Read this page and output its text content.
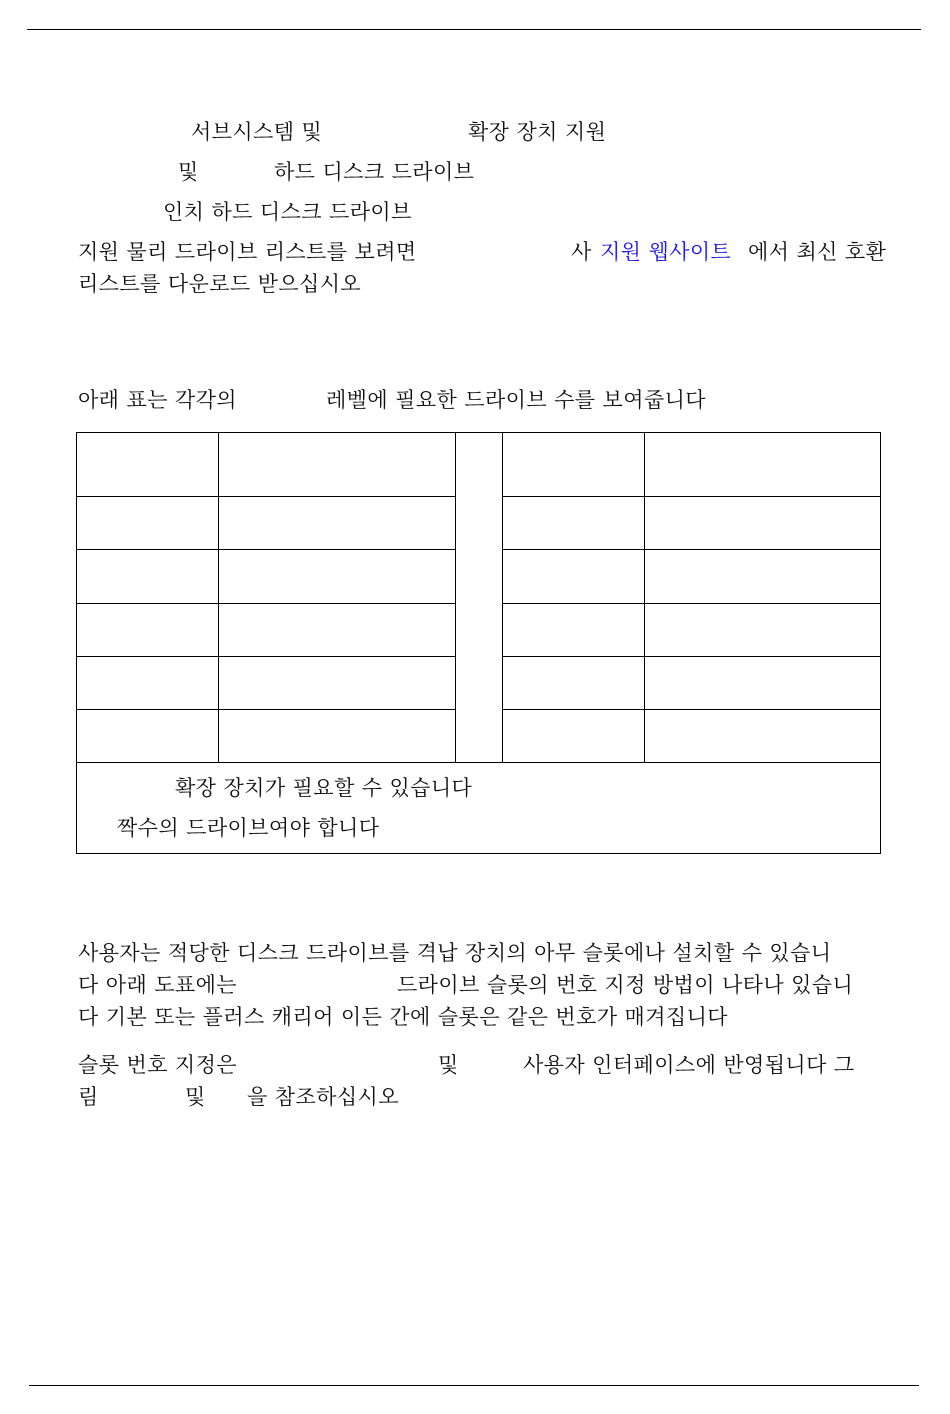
서브시스템 및	확장 장치 지원
및	하드 디스크 드라이브
인치 하드 디스크 드라이브
지원 물리 드라이브 리스트를 보려면	사 지원 웹사이트 에서 최신 호환
리스트를 다운로드 받으십시오
아래 표는 각각의	레벨에 필요한 드라이브 수를 보여줍니다
확장 장치가 필요할 수 있습니다
짝수의 드라이브여야 합니다
사용자는 적당한 디스크 드라이브를 격납 장치의 아무 슬롯에나 설치할 수 있습니
다 아래 도표에는	드라이브 슬롯의 번호 지정 방법이 나타나 있습니
다 기본 또는 플러스 캐리어 이든 간에 슬롯은 같은 번호가 매겨집니다
슬롯 번호 지정은	및	사용자 인터페이스에 반영됩니다 그
림	및 을 참조하십시오
